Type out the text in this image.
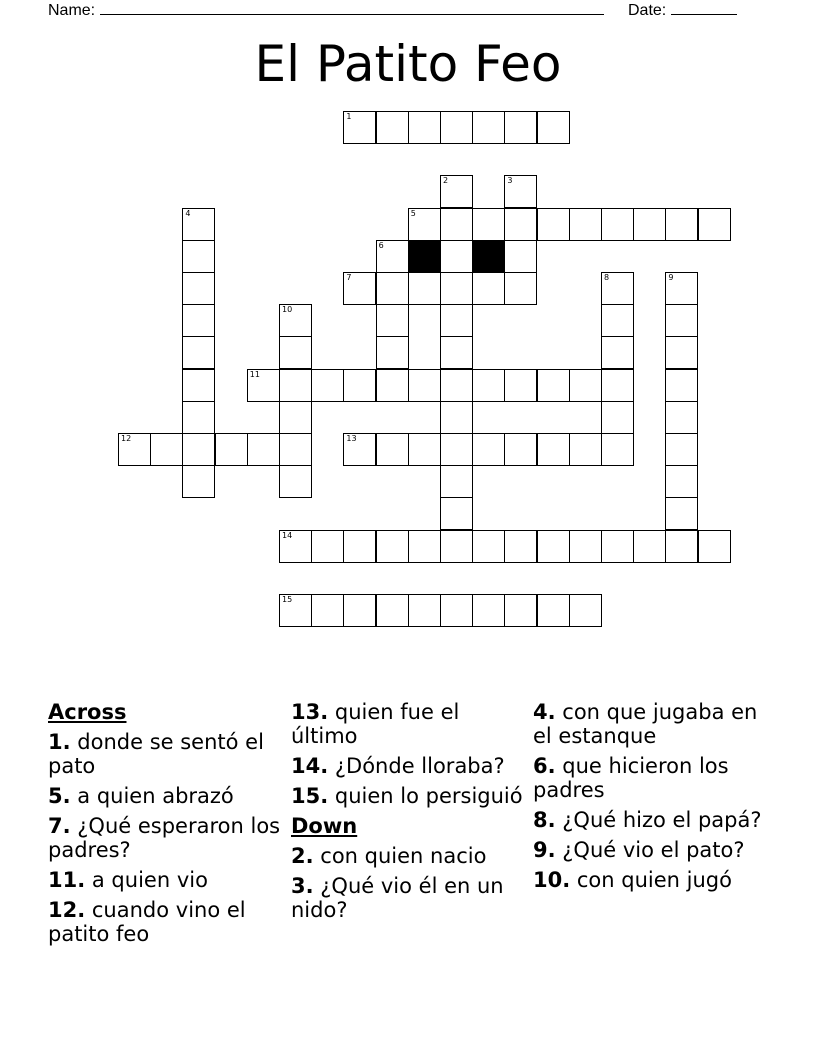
Name:	Date:
El Patito Feo
1
5
7
11
12	13
14
15
2	3
4
6
8	9
10
Across
1. donde se sentó el pato
5. a quien abrazó
7. ¿Qué esperaron los padres?
11. a quien vio
12. cuando vino el patito feo
13. quien fue el último
14. ¿Dónde lloraba?
15. quien lo persiguió
Down
2. con quien nacio
3. ¿Qué vio él en un nido?
4. con que jugaba en el estanque
6. que hicieron los padres
8. ¿Qué hizo el papá?
9. ¿Qué vio el pato?
10. con quien jugó
